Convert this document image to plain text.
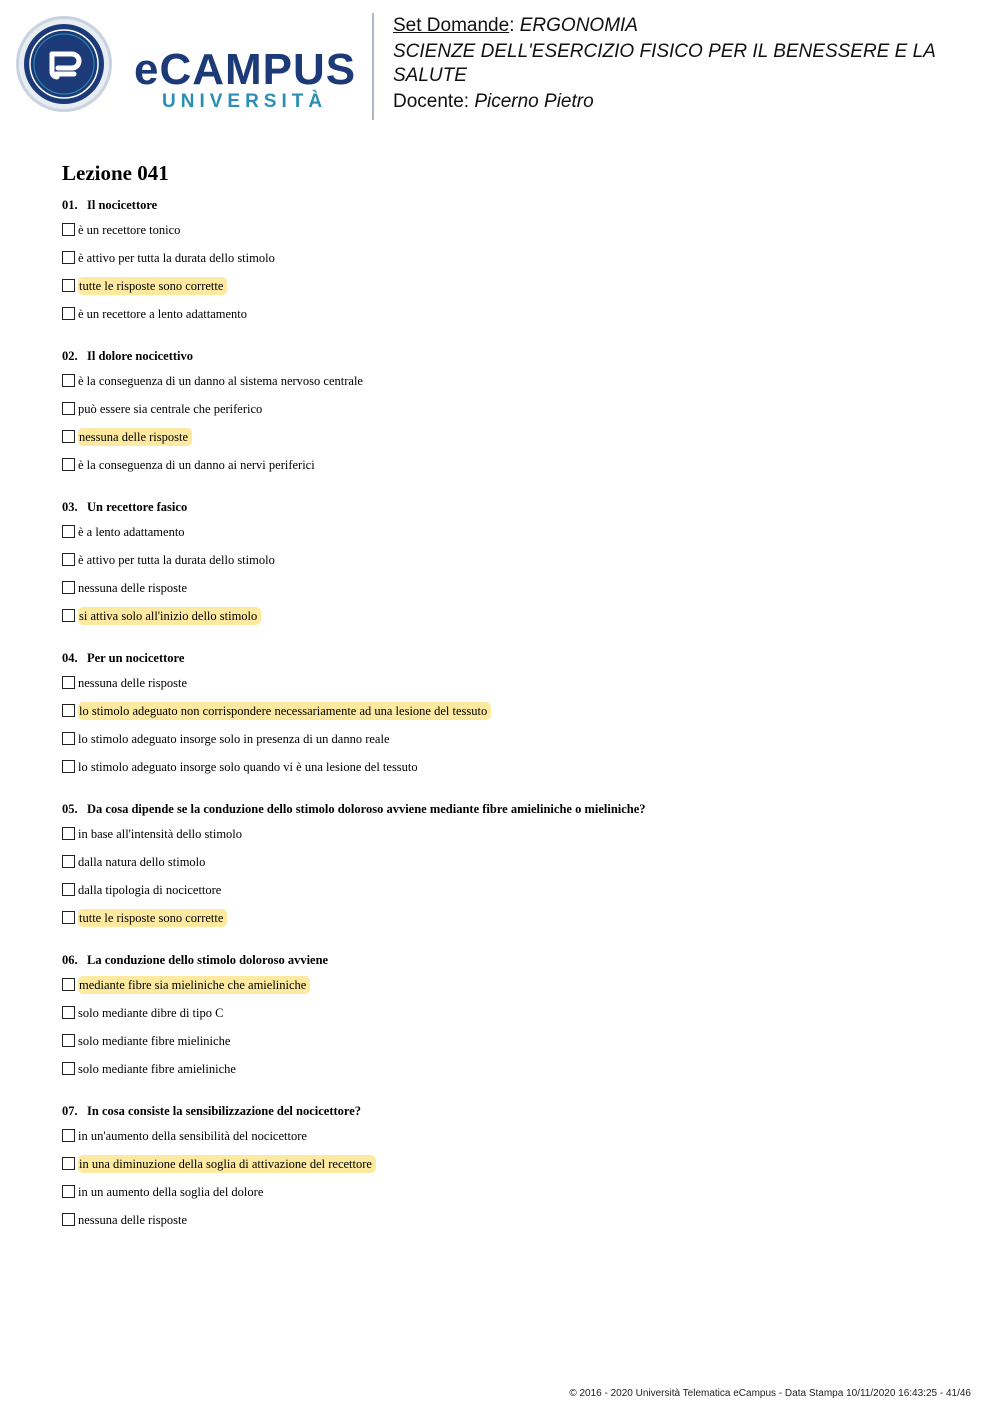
eCAMPUS
UNIVERSITÀ

Set Domande: ERGONOMIA

SCIENZE DELL'ESERCIZIO FISICO PER IL BENESSERE E LA SALUTE

Docente: Picerno Pietro

Lezione 041
01. Il nocicettore
è un recettore tonico
è attivo per tutta la durata dello stimolo
tutte le risposte sono corrette
è un recettore a lento adattamento
02. Il dolore nocicettivo
è la conseguenza di un danno al sistema nervoso centrale
può essere sia centrale che periferico
nessuna delle risposte
è la conseguenza di un danno ai nervi periferici
03. Un recettore fasico
è a lento adattamento
è attivo per tutta la durata dello stimolo
nessuna delle risposte
si attiva solo all'inizio dello stimolo
04. Per un nocicettore
nessuna delle risposte
lo stimolo adeguato non corrispondere necessariamente ad una lesione del tessuto
lo stimolo adeguato insorge solo in presenza di un danno reale
lo stimolo adeguato insorge solo quando vi è una lesione del tessuto
05. Da cosa dipende se la conduzione dello stimolo doloroso avviene mediante fibre amieliniche o mieliniche?
in base all'intensità dello stimolo
dalla natura dello stimolo
dalla tipologia di nocicettore
tutte le risposte sono corrette
06. La conduzione dello stimolo doloroso avviene
mediante fibre sia mieliniche che amieliniche
solo mediante dibre di tipo C
solo mediante fibre mieliniche
solo mediante fibre amieliniche
07. In cosa consiste la sensibilizzazione del nocicettore?
in un'aumento della sensibilità del nocicettore
in una diminuzione della soglia di attivazione del recettore
in un aumento della soglia del dolore
nessuna delle risposte
© 2016 - 2020 Università Telematica eCampus - Data Stampa 10/11/2020 16:43:25 - 41/46
